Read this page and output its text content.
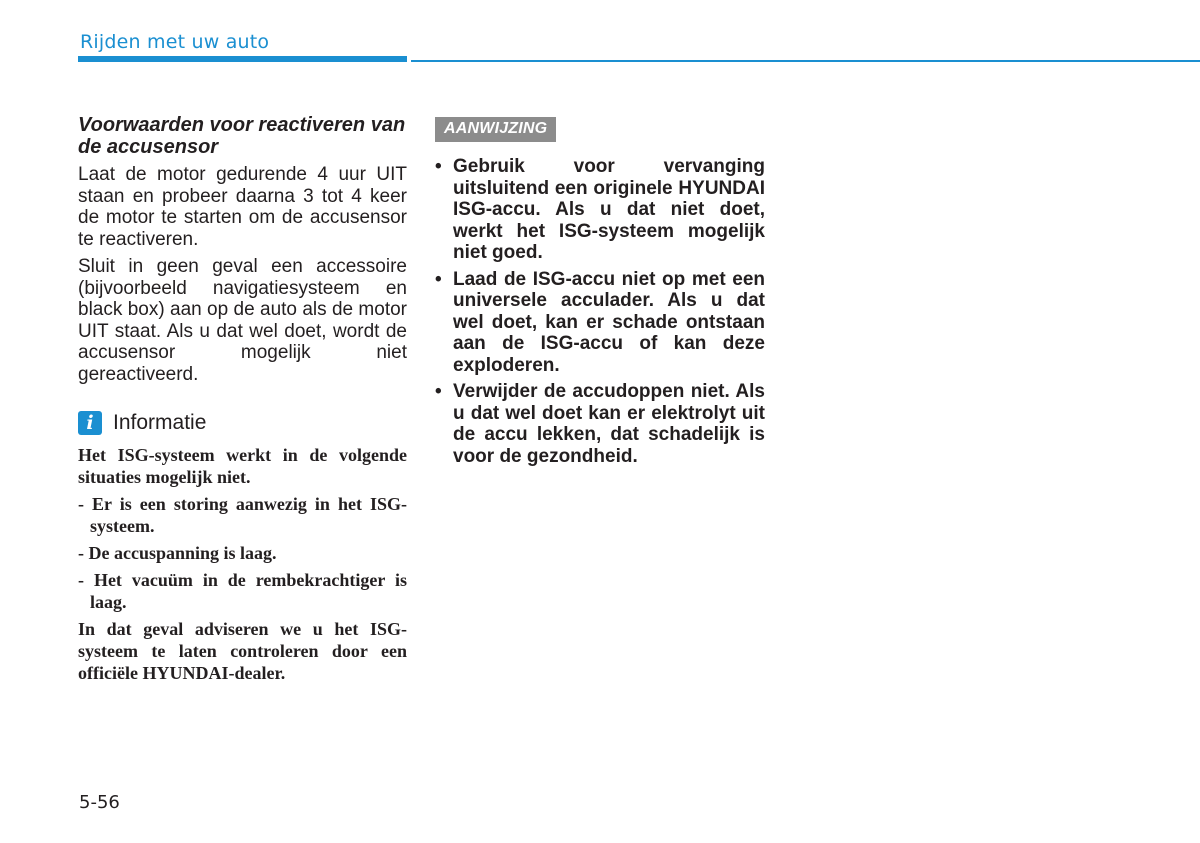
Rijden met uw auto
Voorwaarden voor reactiveren van de accusensor

Laat de motor gedurende 4 uur UIT staan en probeer daarna 3 tot 4 keer de motor te starten om de accusensor te reactiveren.

Sluit in geen geval een accessoire (bijvoorbeeld navigatiesysteem en black box) aan op de auto als de motor UIT staat. Als u dat wel doet, wordt de accusensor mogelijk niet gereactiveerd.

i Informatie

Het ISG-systeem werkt in de volgende situaties mogelijk niet.

- Er is een storing aanwezig in het ISG-systeem.

- De accuspanning is laag.

- Het vacuüm in de rembekrachtiger is laag.

In dat geval adviseren we u het ISG-systeem te laten controleren door een officiële HYUNDAI-dealer.

AANWIJZING
• Gebruik voor vervanging uitsluitend een originele HYUNDAI ISG-accu. Als u dat niet doet, werkt het ISG-systeem mogelijk niet goed.
• Laad de ISG-accu niet op met een universele acculader. Als u dat wel doet, kan er schade ontstaan aan de ISG-accu of kan deze exploderen.
• Verwijder de accudoppen niet. Als u dat wel doet kan er elektrolyt uit de accu lekken, dat schadelijk is voor de gezondheid.
5-56
